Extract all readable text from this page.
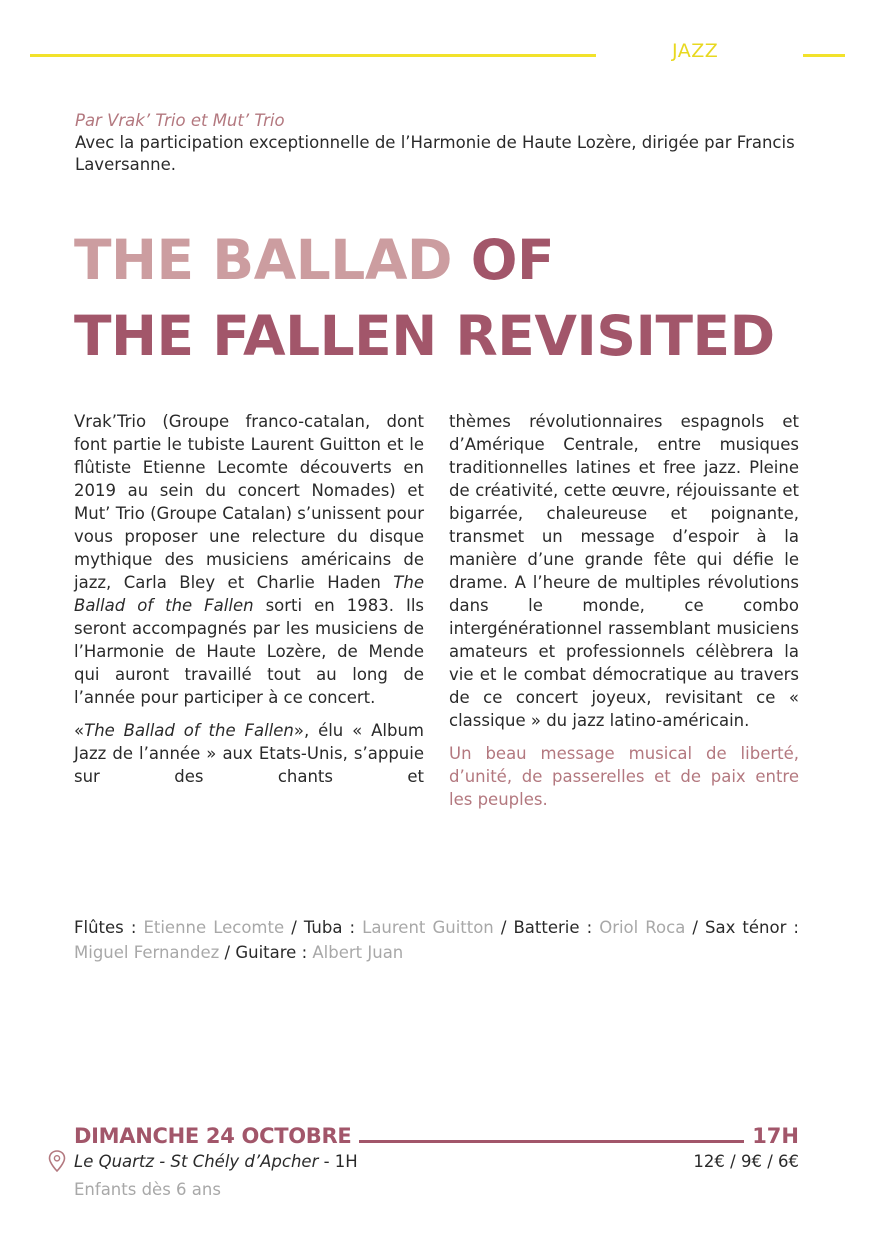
JAZZ
Par Vrak’ Trio et Mut’ Trio
Avec la participation exceptionnelle de l’Harmonie de Haute Lozère, dirigée par Francis Laversanne.
THE BALLAD OF
THE FALLEN REVISITED

Vrak’Trio (Groupe franco-catalan, dont font partie le tubiste Laurent Guitton et le flûtiste Etienne Lecomte découverts en 2019 au sein du concert Nomades) et Mut’ Trio (Groupe Catalan) s’unissent pour vous proposer une relecture du disque mythique des musiciens américains de jazz, Carla Bley et Charlie Haden The Ballad of the Fallen sorti en 1983. Ils seront accompagnés par les musiciens de l’Harmonie de Haute Lozère, de Mende qui auront travaillé tout au long de l’année pour participer à ce concert.

«The Ballad of the Fallen», élu « Album Jazz de l’année » aux Etats-Unis, s’appuie sur des chants et

thèmes révolutionnaires espagnols et d’Amérique Centrale, entre musiques traditionnelles latines et free jazz. Pleine de créativité, cette œuvre, réjouissante et bigarrée, chaleureuse et poignante, transmet un message d’espoir à la manière d’une grande fête qui défie le drame. A l’heure de multiples révolutions dans le monde, ce combo intergénérationnel rassemblant musiciens amateurs et professionnels célèbrera la vie et le combat démocratique au travers de ce concert joyeux, revisitant ce « classique » du jazz latino-américain.

Un beau message musical de liberté, d’unité, de passerelles et de paix entre les peuples.

Flûtes : Etienne Lecomte / Tuba : Laurent Guitton / Batterie : Oriol Roca / Sax ténor : Miguel Fernandez / Guitare : Albert Juan
DIMANCHE 24 OCTOBRE	17H
Le Quartz - St Chély d’Apcher - 1H	12€ / 9€ / 6€
Enfants dès 6 ans
